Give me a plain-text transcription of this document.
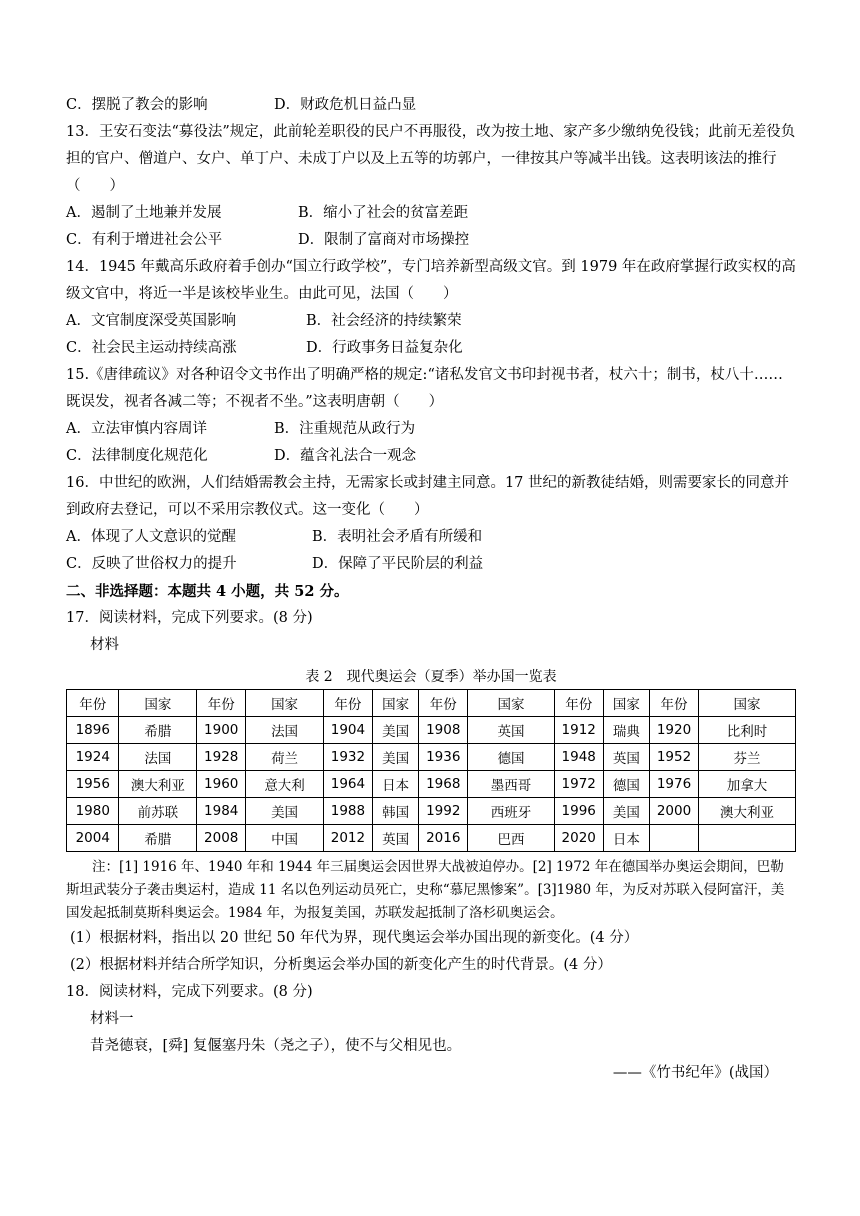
C．摆脱了教会的影响	D．财政危机日益凸显
13．王安石变法“募役法”规定，此前轮差职役的民户不再服役，改为按土地、家产多少缴纳免役钱；此前无差役负担的官户、僧道户、女户、单丁户、未成丁户以及上五等的坊郭户，一律按其户等减半出钱。这表明该法的推行（　　）
A．遏制了土地兼并发展	B．缩小了社会的贫富差距
C．有利于增进社会公平	D．限制了富商对市场操控
14．1945 年戴高乐政府着手创办“国立行政学校”，专门培养新型高级文官。到 1979 年在政府掌握行政实权的高级文官中，将近一半是该校毕业生。由此可见，法国（　　）
A．文官制度深受英国影响	B．社会经济的持续繁荣
C．社会民主运动持续高涨	D．行政事务日益复杂化
15.《唐律疏议》对各种诏令文书作出了明确严格的规定:“诸私发官文书印封视书者，杖六十；制书，杖八十……既误发，视者各减二等；不视者不坐。”这表明唐朝（　　）
A．立法审慎内容周详	B．注重规范从政行为
C．法律制度化规范化	D．蕴含礼法合一观念
16．中世纪的欧洲，人们结婚需教会主持，无需家长或封建主同意。17 世纪的新教徒结婚，则需要家长的同意并到政府去登记，可以不采用宗教仪式。这一变化（　　）
A．体现了人文意识的觉醒	B．表明社会矛盾有所缓和
C．反映了世俗权力的提升	D．保障了平民阶层的利益
二、非选择题：本题共 4 小题，共 52 分。
17．阅读材料，完成下列要求。(8 分)
材料
表 2　现代奥运会（夏季）举办国一览表
年份	国家	年份	国家	年份	国家	年份	国家	年份	国家	年份	国家
1896	希腊	1900	法国	1904	美国	1908	英国	1912	瑞典	1920	比利时
1924	法国	1928	荷兰	1932	美国	1936	德国	1948	英国	1952	芬兰
1956	澳大利亚	1960	意大利	1964	日本	1968	墨西哥	1972	德国	1976	加拿大
1980	前苏联	1984	美国	1988	韩国	1992	西班牙	1996	美国	2000	澳大利亚
2004	希腊	2008	中国	2012	英国	2016	巴西	2020	日本		
注：[1] 1916 年、1940 年和 1944 年三届奥运会因世界大战被迫停办。[2] 1972 年在德国举办奥运会期间，巴勒斯坦武装分子袭击奥运村，造成 11 名以色列运动员死亡，史称“慕尼黑惨案”。[3]1980 年，为反对苏联入侵阿富汗，美国发起抵制莫斯科奥运会。1984 年，为报复美国，苏联发起抵制了洛杉矶奥运会。
(1）根据材料，指出以 20 世纪 50 年代为界，现代奥运会举办国出现的新变化。(4 分）
(2）根据材料并结合所学知识，分析奥运会举办国的新变化产生的时代背景。(4 分）
18．阅读材料，完成下列要求。(8 分)
材料一
昔尧德衰，[舜] 复偃塞丹朱（尧之子），使不与父相见也。
——《竹书纪年》(战国）
